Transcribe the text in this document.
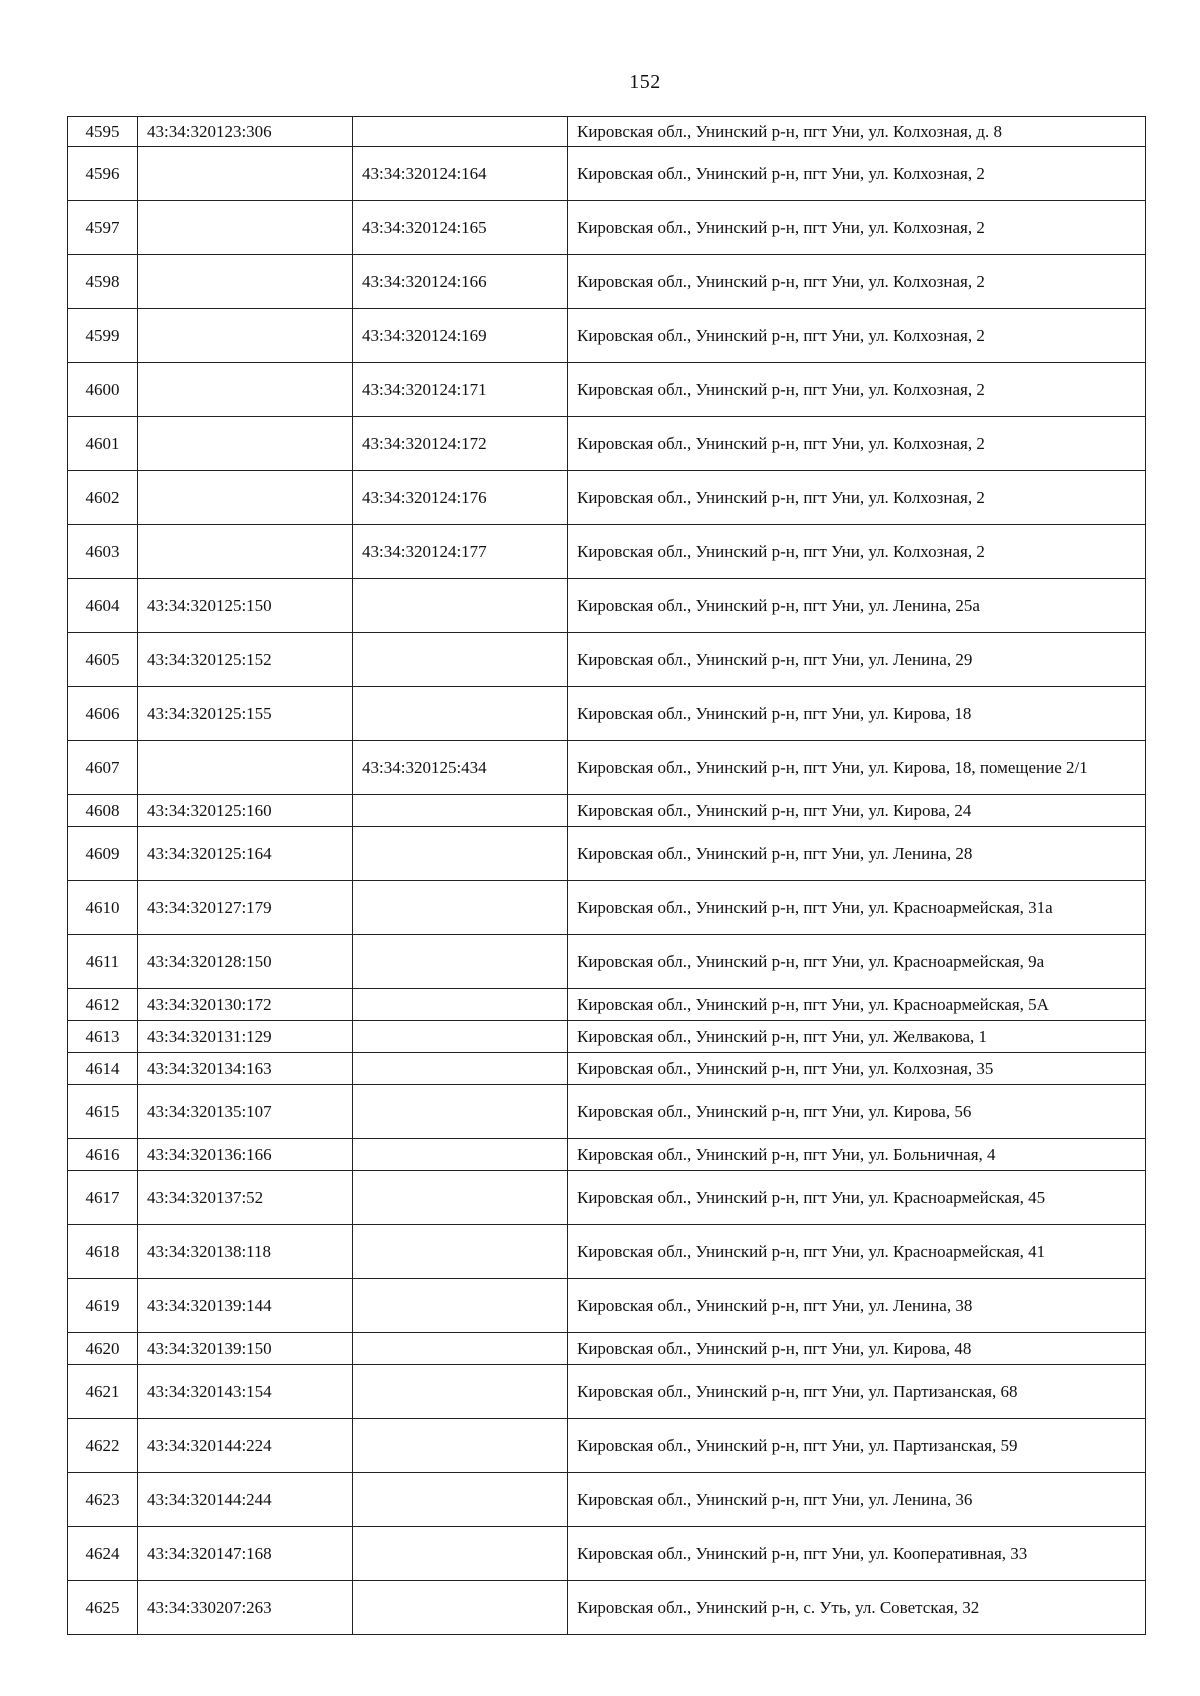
152
4595	43:34:320123:306		Кировская обл., Унинский р-н, пгт Уни, ул. Колхозная, д. 8
4596		43:34:320124:164	Кировская обл., Унинский р-н, пгт Уни, ул. Колхозная, 2
4597		43:34:320124:165	Кировская обл., Унинский р-н, пгт Уни, ул. Колхозная, 2
4598		43:34:320124:166	Кировская обл., Унинский р-н, пгт Уни, ул. Колхозная, 2
4599		43:34:320124:169	Кировская обл., Унинский р-н, пгт Уни, ул. Колхозная, 2
4600		43:34:320124:171	Кировская обл., Унинский р-н, пгт Уни, ул. Колхозная, 2
4601		43:34:320124:172	Кировская обл., Унинский р-н, пгт Уни, ул. Колхозная, 2
4602		43:34:320124:176	Кировская обл., Унинский р-н, пгт Уни, ул. Колхозная, 2
4603		43:34:320124:177	Кировская обл., Унинский р-н, пгт Уни, ул. Колхозная, 2
4604	43:34:320125:150		Кировская обл., Унинский р-н, пгт Уни, ул. Ленина, 25а
4605	43:34:320125:152		Кировская обл., Унинский р-н, пгт Уни, ул. Ленина, 29
4606	43:34:320125:155		Кировская обл., Унинский р-н, пгт Уни, ул. Кирова, 18
4607		43:34:320125:434	Кировская обл., Унинский р-н, пгт Уни, ул. Кирова, 18, помещение 2/1
4608	43:34:320125:160		Кировская обл., Унинский р-н, пгт Уни, ул. Кирова, 24
4609	43:34:320125:164		Кировская обл., Унинский р-н, пгт Уни, ул. Ленина, 28
4610	43:34:320127:179		Кировская обл., Унинский р-н, пгт Уни, ул. Красноармейская, 31а
4611	43:34:320128:150		Кировская обл., Унинский р-н, пгт Уни, ул. Красноармейская, 9а
4612	43:34:320130:172		Кировская обл., Унинский р-н, пгт Уни, ул. Красноармейская, 5А
4613	43:34:320131:129		Кировская обл., Унинский р-н, пгт Уни, ул. Желвакова, 1
4614	43:34:320134:163		Кировская обл., Унинский р-н, пгт Уни, ул. Колхозная, 35
4615	43:34:320135:107		Кировская обл., Унинский р-н, пгт Уни, ул. Кирова, 56
4616	43:34:320136:166		Кировская обл., Унинский р-н, пгт Уни, ул. Больничная, 4
4617	43:34:320137:52		Кировская обл., Унинский р-н, пгт Уни, ул. Красноармейская, 45
4618	43:34:320138:118		Кировская обл., Унинский р-н, пгт Уни, ул. Красноармейская, 41
4619	43:34:320139:144		Кировская обл., Унинский р-н, пгт Уни, ул. Ленина, 38
4620	43:34:320139:150		Кировская обл., Унинский р-н, пгт Уни, ул. Кирова, 48
4621	43:34:320143:154		Кировская обл., Унинский р-н, пгт Уни, ул. Партизанская, 68
4622	43:34:320144:224		Кировская обл., Унинский р-н, пгт Уни, ул. Партизанская, 59
4623	43:34:320144:244		Кировская обл., Унинский р-н, пгт Уни, ул. Ленина, 36
4624	43:34:320147:168		Кировская обл., Унинский р-н, пгт Уни, ул. Кооперативная, 33
4625	43:34:330207:263		Кировская обл., Унинский р-н, с. Уть, ул. Советская, 32
